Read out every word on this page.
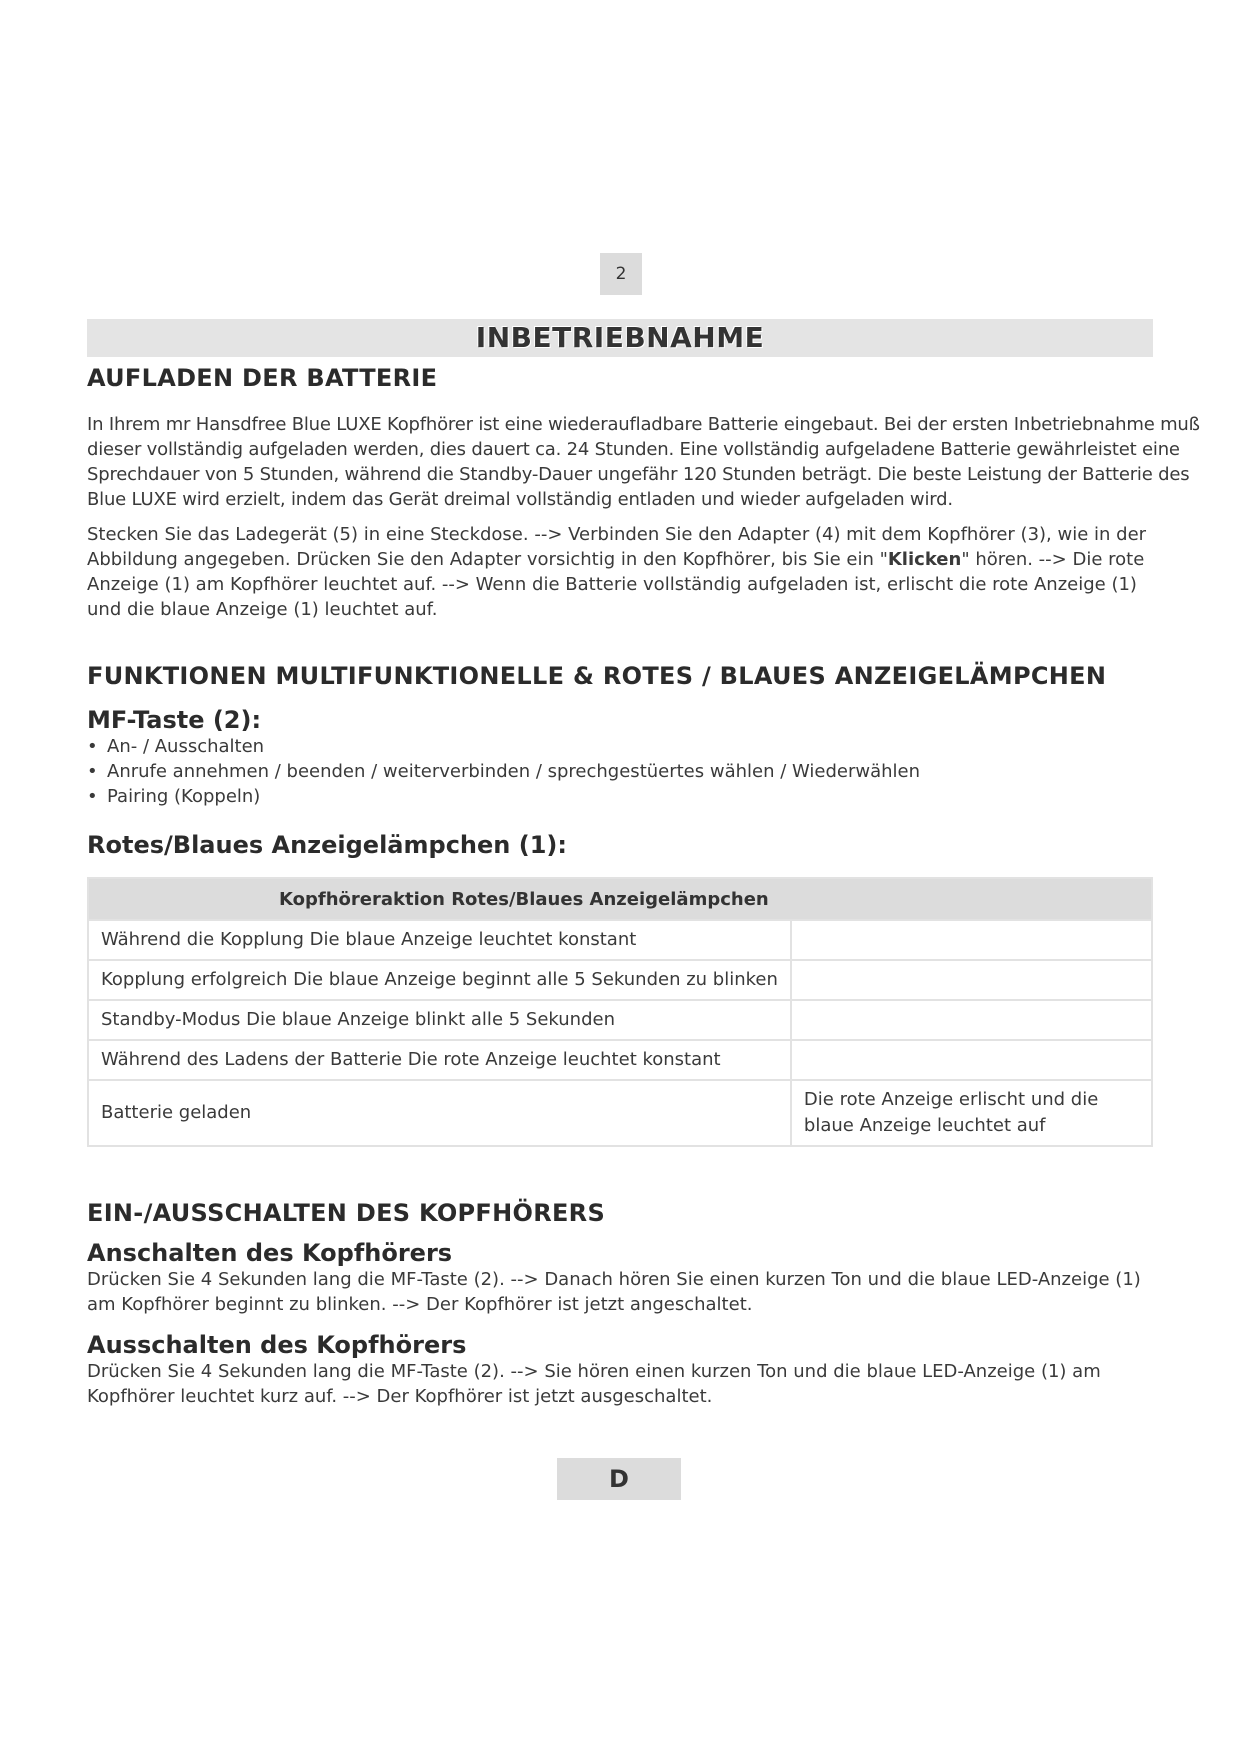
2
INBETRIEBNAHME
AUFLADEN DER BATTERIE

In Ihrem mr Hansdfree Blue LUXE Kopfhörer ist eine wiederaufladbare Batterie eingebaut. Bei der ersten Inbetriebnahme muß dieser vollständig aufgeladen werden, dies dauert ca. 24 Stunden. Eine vollständig aufgeladene Batterie gewährleistet eine Sprechdauer von 5 Stunden, während die Standby-Dauer ungefähr 120 Stunden beträgt. Die beste Leistung der Batterie des Blue LUXE wird erzielt, indem das Gerät dreimal vollständig entladen und wieder aufgeladen wird.

Stecken Sie das Ladegerät (5) in eine Steckdose. --> Verbinden Sie den Adapter (4) mit dem Kopfhörer (3), wie in der Abbildung angegeben. Drücken Sie den Adapter vorsichtig in den Kopfhörer, bis Sie ein "Klicken" hören. --> Die rote Anzeige (1) am Kopfhörer leuchtet auf. --> Wenn die Batterie vollständig aufgeladen ist, erlischt die rote Anzeige (1) und die blaue Anzeige (1) leuchtet auf.

FUNKTIONEN MULTIFUNKTIONELLE & ROTES / BLAUES ANZEIGELÄMPCHEN
MF-Taste (2):
• An- / Ausschalten
• Anrufe annehmen / beenden / weiterverbinden / sprechgestüertes wählen / Wiederwählen
• Pairing (Koppeln)
Rotes/Blaues Anzeigelämpchen (1):
Kopfhöreraktion Rotes/Blaues Anzeigelämpchen	
Während die Kopplung Die blaue Anzeige leuchtet konstant	
Kopplung erfolgreich Die blaue Anzeige beginnt alle 5 Sekunden zu blinken	
Standby-Modus Die blaue Anzeige blinkt alle 5 Sekunden	
Während des Ladens der Batterie Die rote Anzeige leuchtet konstant	
Batterie geladen	Die rote Anzeige erlischt und die blaue Anzeige leuchtet auf
EIN-/AUSSCHALTEN DES KOPFHÖRERS
Anschalten des Kopfhörers

Drücken Sie 4 Sekunden lang die MF-Taste (2). --> Danach hören Sie einen kurzen Ton und die blaue LED-Anzeige (1) am Kopfhörer beginnt zu blinken. --> Der Kopfhörer ist jetzt angeschaltet.

Ausschalten des Kopfhörers

Drücken Sie 4 Sekunden lang die MF-Taste (2). --> Sie hören einen kurzen Ton und die blaue LED-Anzeige (1) am Kopfhörer leuchtet kurz auf. --> Der Kopfhörer ist jetzt ausgeschaltet.

D
